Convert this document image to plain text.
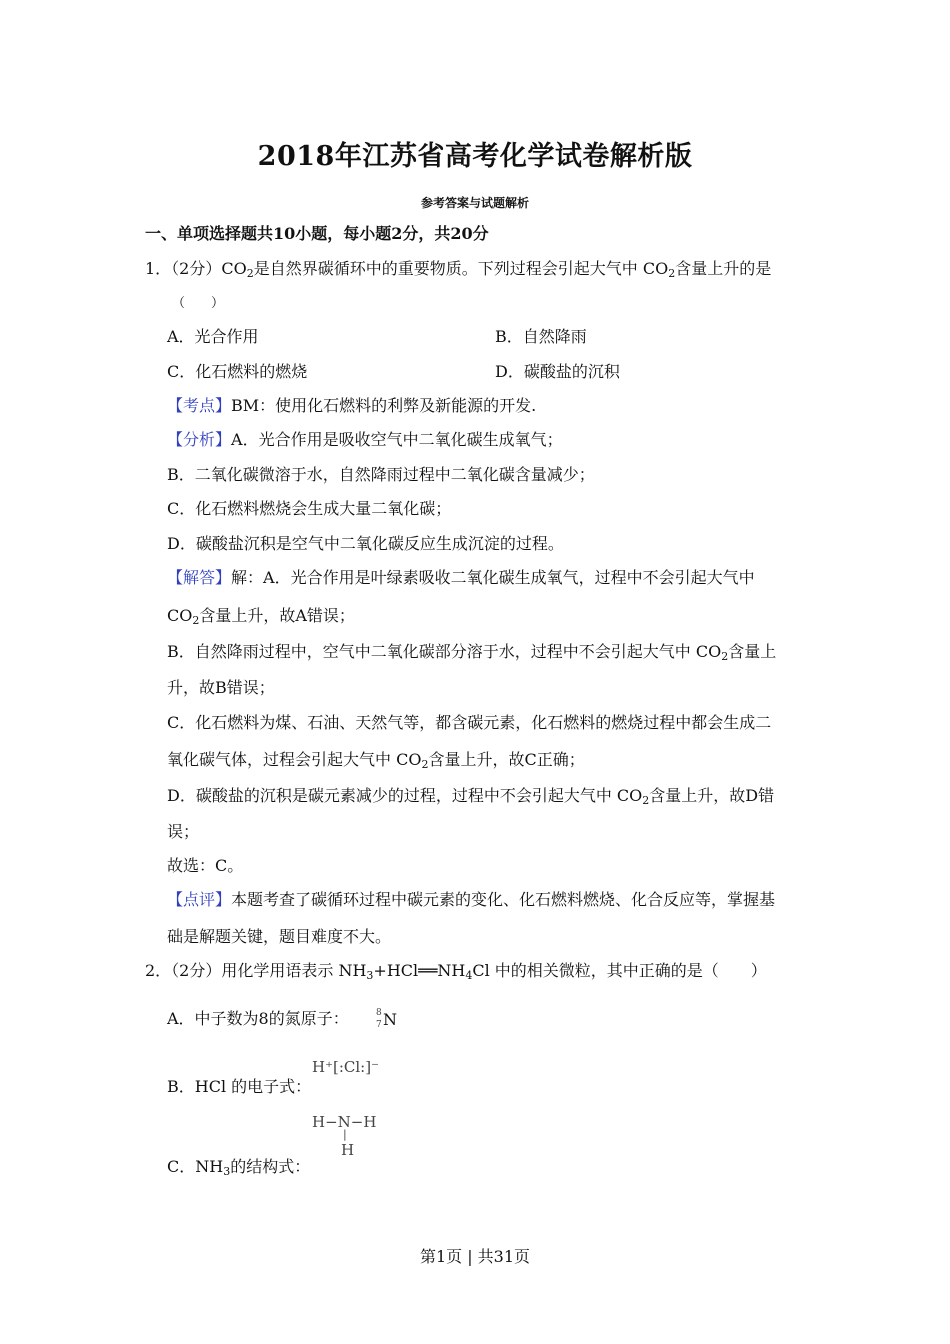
2018年江苏省高考化学试卷解析版
参考答案与试题解析
一、单项选择题共10小题，每小题2分，共20分
1．（2分）$CO_2$是自然界碳循环中的重要物质。下列过程会引起大气中 $CO_2$含量上升的是
（　　）
A．光合作用	B．自然降雨
C．化石燃料的燃烧	D．碳酸盐的沉积
【考点】BM：使用化石燃料的利弊及新能源的开发.
【分析】A．光合作用是吸收空气中二氧化碳生成氧气；
B．二氧化碳微溶于水，自然降雨过程中二氧化碳含量减少；
C．化石燃料燃烧会生成大量二氧化碳；
D．碳酸盐沉积是空气中二氧化碳反应生成沉淀的过程。
【解答】解：A．光合作用是叶绿素吸收二氧化碳生成氧气，过程中不会引起大气中
$CO_2$含量上升，故A错误；
B．自然降雨过程中，空气中二氧化碳部分溶于水，过程中不会引起大气中 $CO_2$含量上
升，故B错误；
C．化石燃料为煤、石油、天然气等，都含碳元素，化石燃料的燃烧过程中都会生成二
氧化碳气体，过程会引起大气中 $CO_2$含量上升，故C正确；
D．碳酸盐的沉积是碳元素减少的过程，过程中不会引起大气中 $CO_2$含量上升，故D错
误；
故选：C。
【点评】本题考查了碳循环过程中碳元素的变化、化石燃料燃烧、化合反应等，掌握基
础是解题关键，题目难度不大。
2．（2分）用化学用语表示 $NH_3+HCl══NH_4Cl$ 中的相关微粒，其中正确的是（　　）
A．中子数为8的氮原子：	8
7 N
H⁺[:Cl:]⁻
B．HCl 的电子式：
H−N−H
|
H
C．$NH_3$的结构式：
第1页 | 共31页
